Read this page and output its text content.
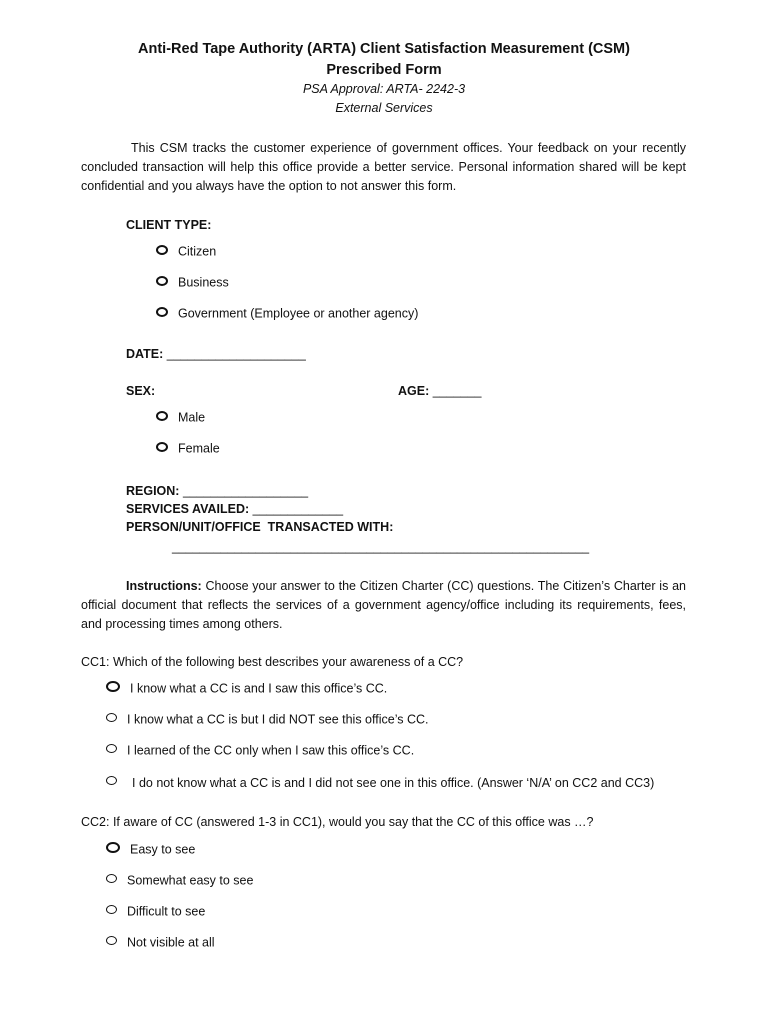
Anti-Red Tape Authority (ARTA) Client Satisfaction Measurement (CSM)
Prescribed Form
PSA Approval: ARTA- 2242-3
External Services
This CSM tracks the customer experience of government offices. Your feedback on your recently concluded transaction will help this office provide a better service. Personal information shared will be kept confidential and you always have the option to not answer this form.
CLIENT TYPE:
Citizen
Business
Government (Employee or another agency)
DATE: ____________________
SEX:	AGE: _______
Male
Female
REGION: __________________
SERVICES AVAILED: _____________
PERSON/UNIT/OFFICE  TRANSACTED WITH:
____________________________________________________________
Instructions: Choose your answer to the Citizen Charter (CC) questions. The Citizen’s Charter is an official document that reflects the services of a government agency/office including its requirements, fees, and processing times among others.
CC1: Which of the following best describes your awareness of a CC?
I know what a CC is and I saw this office’s CC.
I know what a CC is but I did NOT see this office’s CC.
I learned of the CC only when I saw this office’s CC.
I do not know what a CC is and I did not see one in this office. (Answer ‘N/A’ on CC2 and CC3)
CC2: If aware of CC (answered 1-3 in CC1), would you say that the CC of this office was …?
Easy to see
Somewhat easy to see
Difficult to see
Not visible at all
